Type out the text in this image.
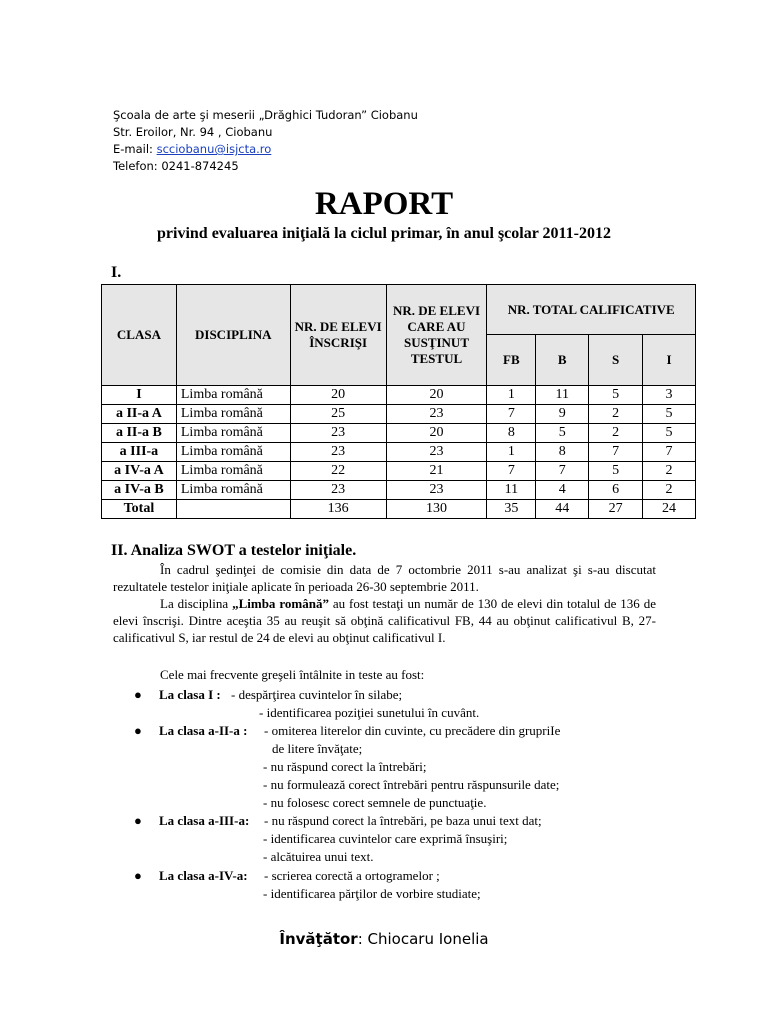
Şcoala de arte şi meserii „Drăghici Tudoran” Ciobanu
Str. Eroilor, Nr. 94 , Ciobanu
E-mail: scciobanu@isjcta.ro
Telefon: 0241-874245
RAPORT
privind evaluarea iniţială la ciclul primar, în anul şcolar 2011-2012
I.
CLASA	DISCIPLINA	NR. DE ELEVI ÎNSCRIŞI	NR. DE ELEVI CARE AU SUSŢINUT TESTUL	NR. TOTAL CALIFICATIVE			
				FB	B	S	I
I	Limba română	20	20	1	11	5	3
a II-a A	Limba română	25	23	7	9	2	5
a II-a B	Limba română	23	20	8	5	2	5
a III-a	Limba română	23	23	1	8	7	7
a IV-a A	Limba română	22	21	7	7	5	2
a IV-a B	Limba română	23	23	11	4	6	2
Total		136	130	35	44	27	24
II. Analiza SWOT a testelor iniţiale.

În cadrul şedinţei de comisie din data de 7 octombrie 2011 s-au analizat şi s-au discutat rezultatele testelor iniţiale aplicate în perioada 26-30 septembrie 2011.

La disciplina „Limba română” au fost testaţi un număr de 130 de elevi din totalul de 136 de elevi înscrişi. Dintre aceştia 35 au reuşit să obţină calificativul FB, 44 au obţinut calificativul B, 27- calificativul S, iar restul de 24 de elevi au obţinut calificativul I.

Cele mai frecvente greşeli întâlnite in teste au fost:
● La clasa I : - despărţirea cuvintelor în silabe;
- identificarea poziţiei sunetului în cuvânt.
● La clasa a-II-a : - omiterea literelor din cuvinte, cu precădere din grupriIe
de litere învăţate;
- nu răspund corect la întrebări;
- nu formulează corect întrebări pentru răspunsurile date;
- nu folosesc corect semnele de punctuaţie.
● La clasa a-III-a: - nu răspund corect la întrebări, pe baza unui text dat;
- identificarea cuvintelor care exprimă însuşiri;
- alcătuirea unui text.
● La clasa a-IV-a: - scrierea corectă a ortogramelor ;
- identificarea părţilor de vorbire studiate;
Învăţător: Chiocaru Ionelia
